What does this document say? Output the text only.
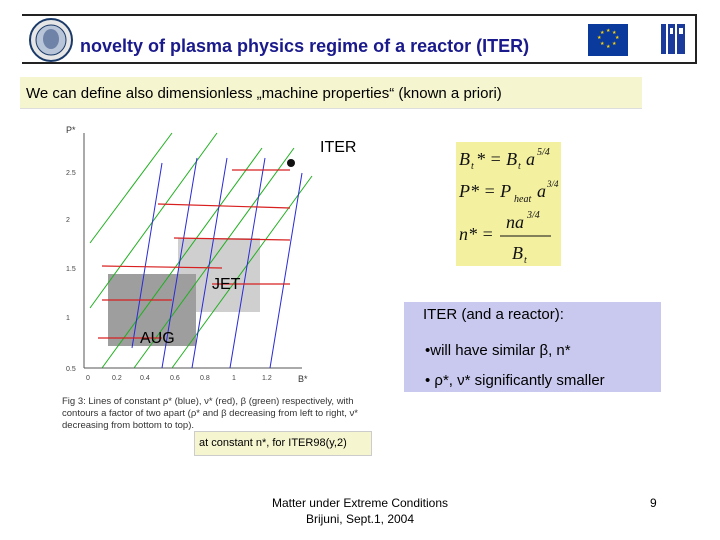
novelty of plasma physics regime of a reactor (ITER)
★ ★
★
★
★
★
★
★
We can define also dimensionless „machine properties“ (known a priori)
P*
2.5
2
1.5
1
0.5
0	0.2	0.4	0.6	0.8	1	1.2	B*
ITER
JET
AUG
B t * = B t a 5/4
P* = P heat a 3/4
n* =
na 3/4
B t
ITER (and a reactor):
•will have similar β, n*
• ρ*, ν* significantly smaller
Fig 3: Lines of constant ρ* (blue), ν* (red), β (green) respectively, with contours a factor of two apart (ρ* and β decreasing from left to right, ν* decreasing from bottom to top).
at constant n*, for ITER98(y,2)
Matter under Extreme Conditions
Brijuni, Sept.1, 2004
9
